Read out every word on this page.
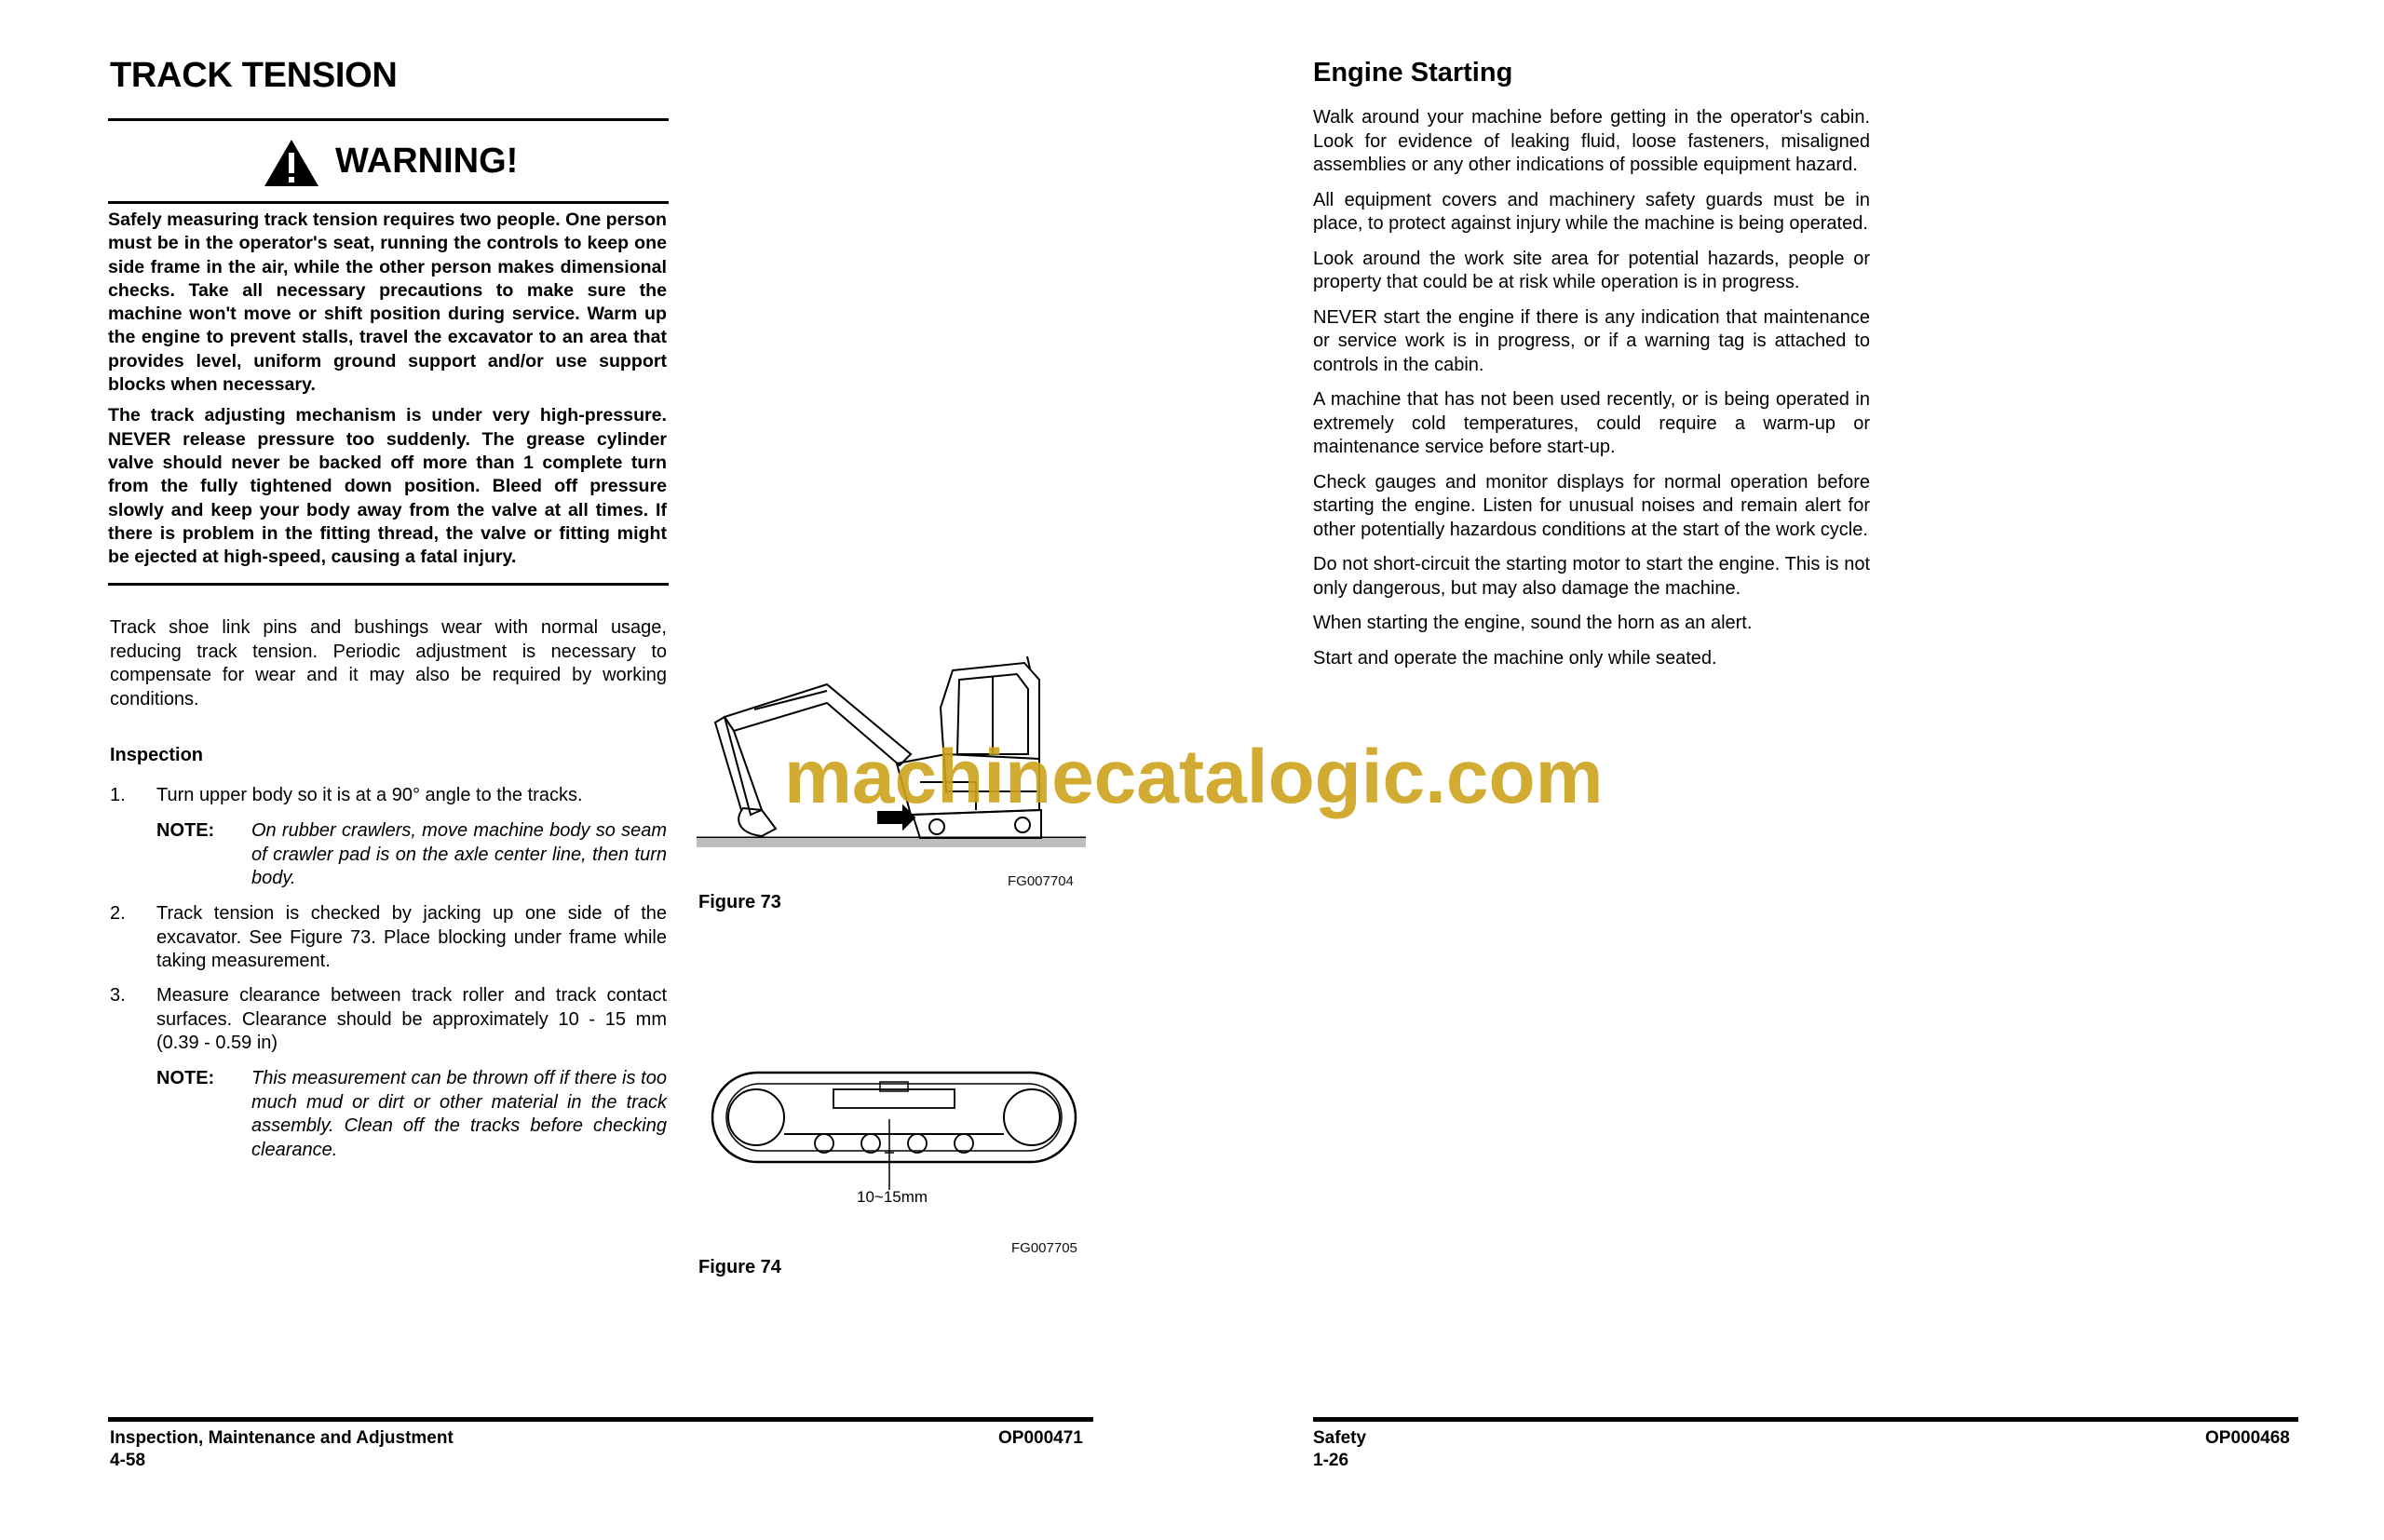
TRACK TENSION
WARNING!

Safely measuring track tension requires two people. One person must be in the operator's seat, running the controls to keep one side frame in the air, while the other person makes dimensional checks. Take all necessary precautions to make sure the machine won't move or shift position during service. Warm up the engine to prevent stalls, travel the excavator to an area that provides level, uniform ground support and/or use support blocks when necessary.

The track adjusting mechanism is under very high-pressure. NEVER release pressure too suddenly. The grease cylinder valve should never be backed off more than 1 complete turn from the fully tightened down position. Bleed off pressure slowly and keep your body away from the valve at all times. If there is problem in the fitting thread, the valve or fitting might be ejected at high-speed, causing a fatal injury.

Track shoe link pins and bushings wear with normal usage, reducing track tension. Periodic adjustment is necessary to compensate for wear and it may also be required by working conditions.

Inspection
1. Turn upper body so it is at a 90° angle to the tracks.

NOTE: On rubber crawlers, move machine body so seam of crawler pad is on the axle center line, then turn body.

2. Track tension is checked by jacking up one side of the excavator. See Figure 73. Place blocking under frame while taking measurement.

3. Measure clearance between track roller and track contact surfaces. Clearance should be approximately 10 - 15 mm (0.39 - 0.59 in)

NOTE: This measurement can be thrown off if there is too much mud or dirt or other material in the track assembly. Clean off the tracks before checking clearance.

FG007704
Figure 73
10~15mm
FG007705
Figure 74
Inspection, Maintenance and Adjustment
4-58
OP000471
Engine Starting

Walk around your machine before getting in the operator's cabin. Look for evidence of leaking fluid, loose fasteners, misaligned assemblies or any other indications of possible equipment hazard.

All equipment covers and machinery safety guards must be in place, to protect against injury while the machine is being operated.

Look around the work site area for potential hazards, people or property that could be at risk while operation is in progress.

NEVER start the engine if there is any indication that maintenance or service work is in progress, or if a warning tag is attached to controls in the cabin.

A machine that has not been used recently, or is being operated in extremely cold temperatures, could require a warm-up or maintenance service before start-up.

Check gauges and monitor displays for normal operation before starting the engine. Listen for unusual noises and remain alert for other potentially hazardous conditions at the start of the work cycle.

Do not short-circuit the starting motor to start the engine. This is not only dangerous, but may also damage the machine.

When starting the engine, sound the horn as an alert.

Start and operate the machine only while seated.

Safety
1-26
OP000468
machinecatalogic.com
